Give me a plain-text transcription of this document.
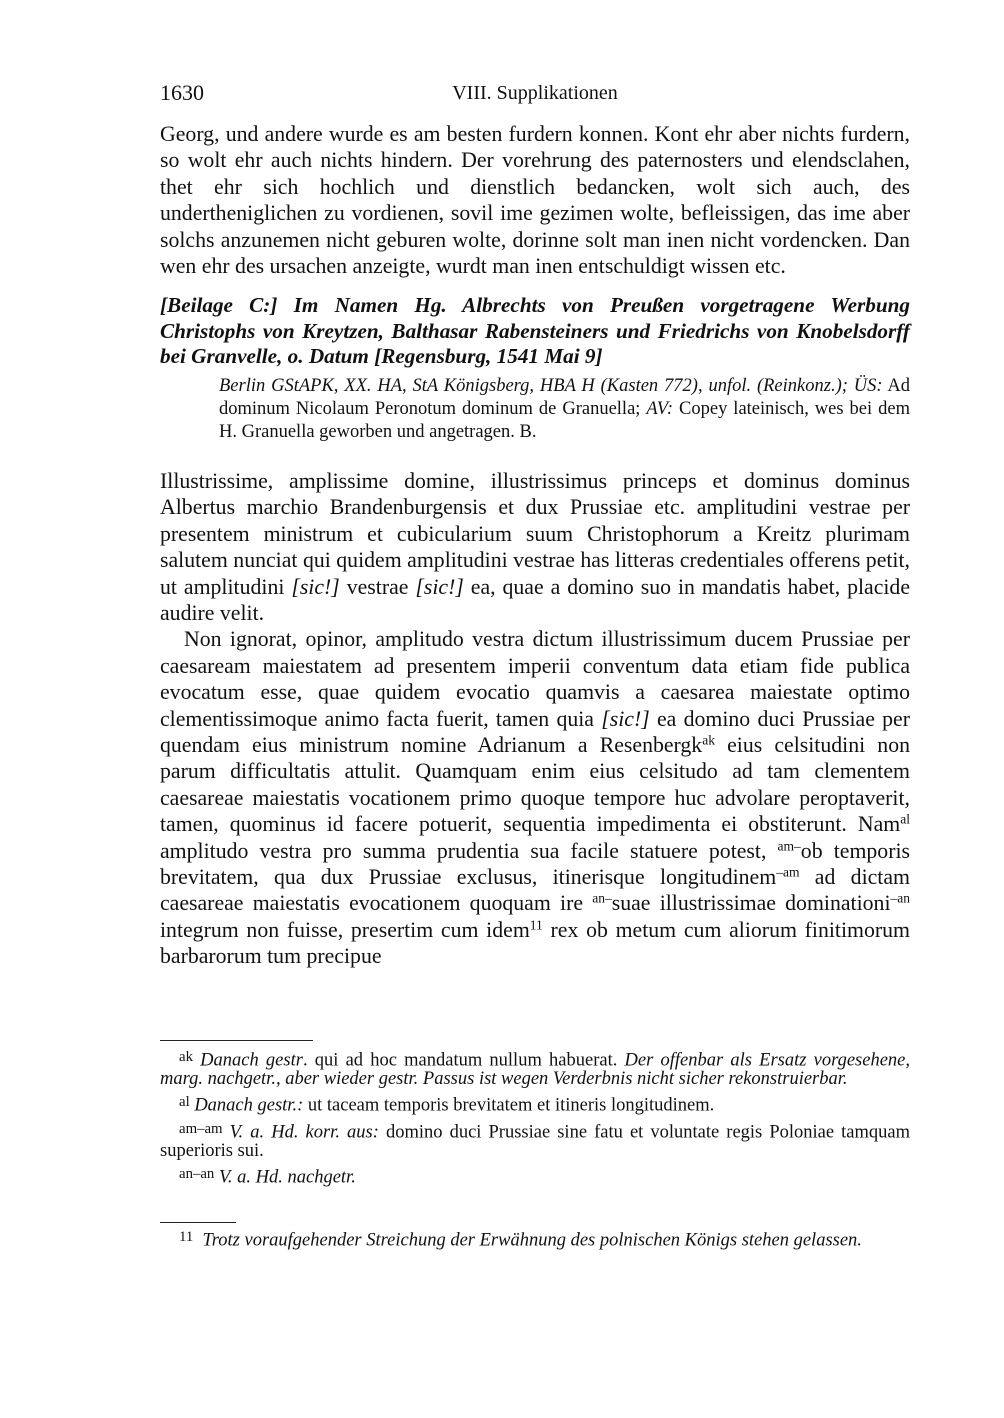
1630	VIII. Supplikationen

Georg, und andere wurde es am besten furdern konnen. Kont ehr aber nichts furdern, so wolt ehr auch nichts hindern. Der vorehrung des paternosters und elendsclahen, thet ehr sich hochlich und dienstlich bedancken, wolt sich auch, des undertheniglichen zu vordienen, sovil ime gezimen wolte, befleissigen, das ime aber solchs anzunemen nicht geburen wolte, dorinne solt man inen nicht vordencken. Dan wen ehr des ursachen anzeigte, wurdt man inen entschuldigt wissen etc.

[Beilage C:] Im Namen Hg. Albrechts von Preußen vorgetragene Werbung Christophs von Kreytzen, Balthasar Rabensteiners und Friedrichs von Knobelsdorff bei Granvelle, o. Datum [Regensburg, 1541 Mai 9]

Berlin GStAPK, XX. HA, StA Königsberg, HBA H (Kasten 772), unfol. (Reinkonz.); ÜS: Ad dominum Nicolaum Peronotum dominum de Granuella; AV: Copey lateinisch, wes bei dem H. Granuella geworben und angetragen. B.

Illustrissime, amplissime domine, illustrissimus princeps et dominus dominus Albertus marchio Brandenburgensis et dux Prussiae etc. amplitudini vestrae per presentem ministrum et cubicularium suum Christophorum a Kreitz plurimam salutem nunciat qui quidem amplitudini vestrae has litteras credentiales offerens petit, ut amplitudini [sic!] vestrae [sic!] ea, quae a domino suo in mandatis habet, placide audire velit.

Non ignorat, opinor, amplitudo vestra dictum illustrissimum ducem Prussiae per caesaream maiestatem ad presentem imperii conventum data etiam fide publica evocatum esse, quae quidem evocatio quamvis a caesarea maiestate optimo clementissimoque animo facta fuerit, tamen quia [sic!] ea domino duci Prussiae per quendam eius ministrum nomine Adrianum a Resenbergk$^{ak}$ eius celsitudini non parum difficultatis attulit. Quamquam enim eius celsitudo ad tam clementem caesareae maiestatis vocationem primo quoque tempore huc advolare peroptaverit, tamen, quominus id facere potuerit, sequentia impedimenta ei obstiterunt. Nam$^{al}$ amplitudo vestra pro summa prudentia sua facile statuere potest, $^{am-}$ob temporis brevitatem, qua dux Prussiae exclusus, itinerisque longitudinem$^{-am}$ ad dictam caesareae maiestatis evocationem quoquam ire $^{an-}$suae illustrissimae dominationi$^{-an}$ integrum non fuisse, presertim cum idem$^{11}$ rex ob metum cum aliorum finitimorum barbarorum tum precipue

$^{ak}$ Danach gestr. qui ad hoc mandatum nullum habuerat. Der offenbar als Ersatz vorgesehene, marg. nachgetr., aber wieder gestr. Passus ist wegen Verderbnis nicht sicher rekonstruierbar.

$^{al}$ Danach gestr.: ut taceam temporis brevitatem et itineris longitudinem.

$^{am-am}$ V. a. Hd. korr. aus: domino duci Prussiae sine fatu et voluntate regis Poloniae tamquam superioris sui.

$^{an-an}$ V. a. Hd. nachgetr.

$^{11}$ Trotz voraufgehender Streichung der Erwähnung des polnischen Königs stehen gelassen.
